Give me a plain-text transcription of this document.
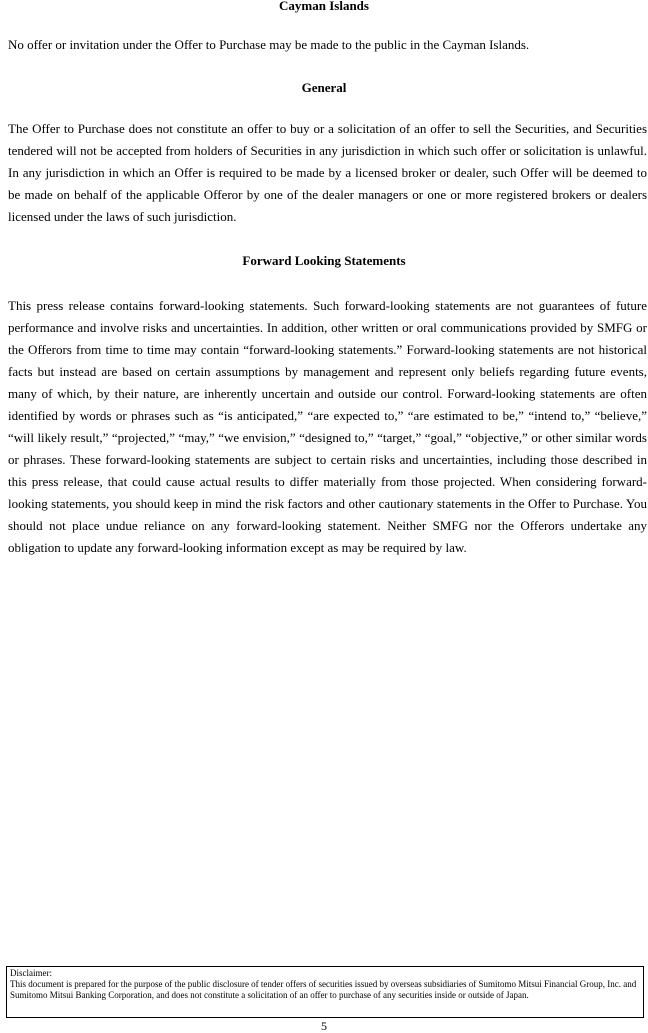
Cayman Islands

No offer or invitation under the Offer to Purchase may be made to the public in the Cayman Islands.

General

The Offer to Purchase does not constitute an offer to buy or a solicitation of an offer to sell the Securities, and Securities tendered will not be accepted from holders of Securities in any jurisdiction in which such offer or solicitation is unlawful. In any jurisdiction in which an Offer is required to be made by a licensed broker or dealer, such Offer will be deemed to be made on behalf of the applicable Offeror by one of the dealer managers or one or more registered brokers or dealers licensed under the laws of such jurisdiction.

Forward Looking Statements

This press release contains forward-looking statements. Such forward-looking statements are not guarantees of future performance and involve risks and uncertainties. In addition, other written or oral communications provided by SMFG or the Offerors from time to time may contain “forward-looking statements.” Forward-looking statements are not historical facts but instead are based on certain assumptions by management and represent only beliefs regarding future events, many of which, by their nature, are inherently uncertain and outside our control. Forward-looking statements are often identified by words or phrases such as “is anticipated,” “are expected to,” “are estimated to be,” “intend to,” “believe,” “will likely result,” “projected,” “may,” “we envision,” “designed to,” “target,” “goal,” “objective,” or other similar words or phrases. These forward-looking statements are subject to certain risks and uncertainties, including those described in this press release, that could cause actual results to differ materially from those projected. When considering forward-looking statements, you should keep in mind the risk factors and other cautionary statements in the Offer to Purchase. You should not place undue reliance on any forward-looking statement. Neither SMFG nor the Offerors undertake any obligation to update any forward-looking information except as may be required by law.

Disclaimer:

This document is prepared for the purpose of the public disclosure of tender offers of securities issued by overseas subsidiaries of Sumitomo Mitsui Financial Group, Inc. and Sumitomo Mitsui Banking Corporation, and does not constitute a solicitation of an offer to purchase of any securities inside or outside of Japan.

5
